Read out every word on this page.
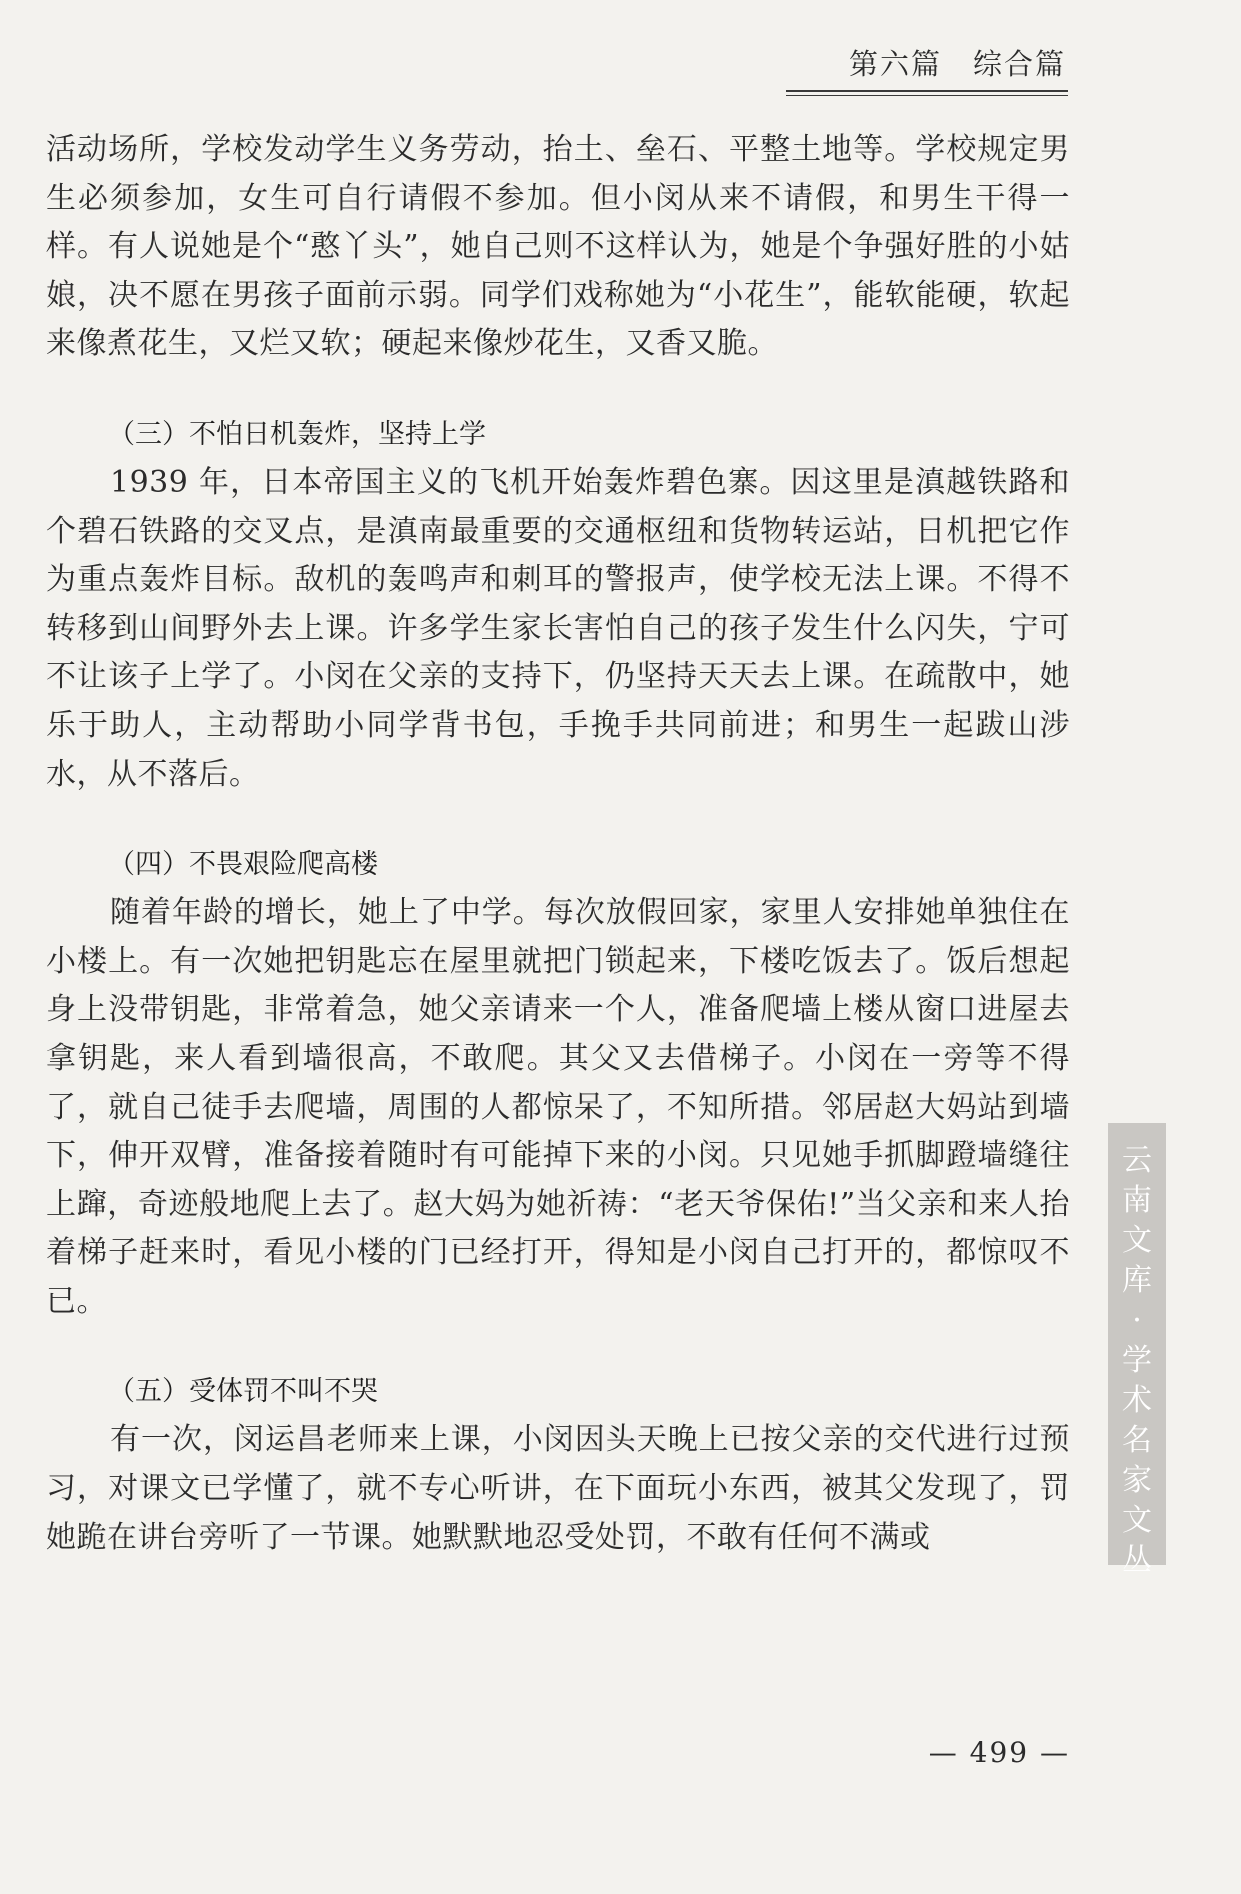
第六篇　综合篇

活动场所，学校发动学生义务劳动，抬土、垒石、平整土地等。学校规定男生必须参加，女生可自行请假不参加。但小闵从来不请假，和男生干得一样。有人说她是个“憨丫头”，她自己则不这样认为，她是个争强好胜的小姑娘，决不愿在男孩子面前示弱。同学们戏称她为“小花生”，能软能硬，软起来像煮花生，又烂又软；硬起来像炒花生，又香又脆。

（三）不怕日机轰炸，坚持上学

1939 年，日本帝国主义的飞机开始轰炸碧色寨。因这里是滇越铁路和个碧石铁路的交叉点，是滇南最重要的交通枢纽和货物转运站，日机把它作为重点轰炸目标。敌机的轰鸣声和刺耳的警报声，使学校无法上课。不得不转移到山间野外去上课。许多学生家长害怕自己的孩子发生什么闪失，宁可不让该子上学了。小闵在父亲的支持下，仍坚持天天去上课。在疏散中，她乐于助人，主动帮助小同学背书包，手挽手共同前进；和男生一起跋山涉水，从不落后。

（四）不畏艰险爬高楼

随着年龄的增长，她上了中学。每次放假回家，家里人安排她单独住在小楼上。有一次她把钥匙忘在屋里就把门锁起来，下楼吃饭去了。饭后想起身上没带钥匙，非常着急，她父亲请来一个人，准备爬墙上楼从窗口进屋去拿钥匙，来人看到墙很高，不敢爬。其父又去借梯子。小闵在一旁等不得了，就自己徒手去爬墙，周围的人都惊呆了，不知所措。邻居赵大妈站到墙下，伸开双臂，准备接着随时有可能掉下来的小闵。只见她手抓脚蹬墙缝往上蹿，奇迹般地爬上去了。赵大妈为她祈祷：“老天爷保佑!”当父亲和来人抬着梯子赶来时，看见小楼的门已经打开，得知是小闵自己打开的，都惊叹不已。

（五）受体罚不叫不哭

有一次，闵运昌老师来上课，小闵因头天晚上已按父亲的交代进行过预习，对课文已学懂了，就不专心听讲，在下面玩小东西，被其父发现了，罚她跪在讲台旁听了一节课。她默默地忍受处罚，不敢有任何不满或

云
南
文
库
·
学
术
名
家
文
丛
— 499 —
